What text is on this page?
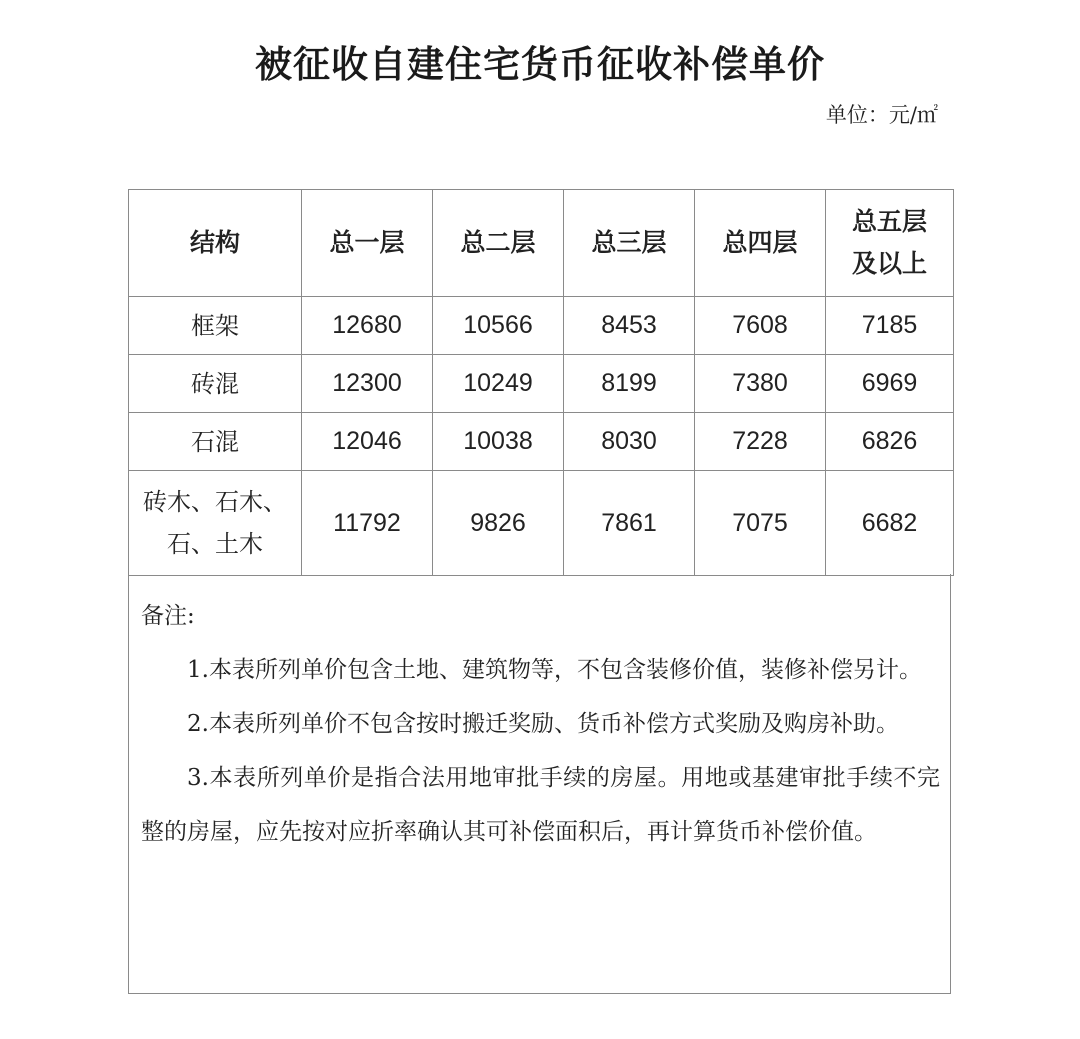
被征收自建住宅货币征收补偿单价
单位：元/㎡
结构	总一层	总二层	总三层	总四层	总五层
及以上
框架	12680	10566	8453	7608	7185
砖混	12300	10249	8199	7380	6969
石混	12046	10038	8030	7228	6826
砖木、石木、
石、土木	11792	9826	7861	7075	6682
备注:
1.本表所列单价包含土地、建筑物等，不包含装修价值，装修补偿另计。
2.本表所列单价不包含按时搬迁奖励、货币补偿方式奖励及购房补助。
3.本表所列单价是指合法用地审批手续的房屋。用地或基建审批手续不完整的房屋，应先按对应折率确认其可补偿面积后，再计算货币补偿价值。
